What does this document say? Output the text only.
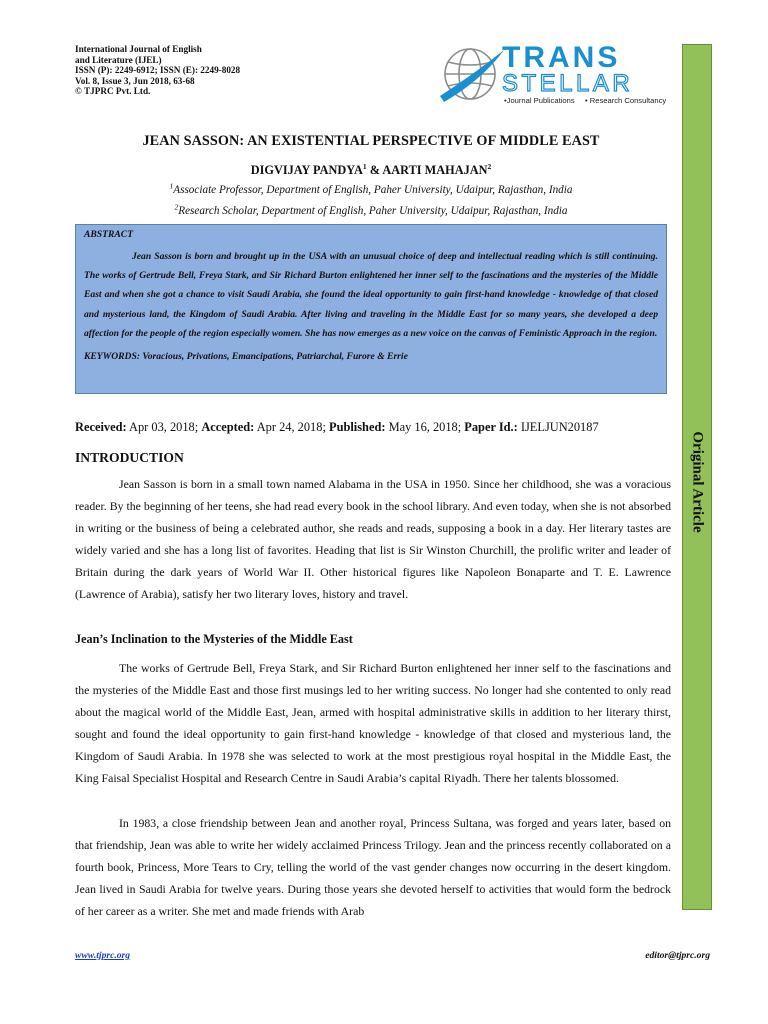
International Journal of English
and Literature (IJEL)
ISSN (P): 2249-6912; ISSN (E): 2249-8028
Vol. 8, Issue 3, Jun 2018, 63-68
© TJPRC Pvt. Ltd.
TRANS
STELLAR
•Journal Publications • Research Consultancy
Original Article
JEAN SASSON: AN EXISTENTIAL PERSPECTIVE OF MIDDLE EAST
DIGVIJAY PANDYA$^1$ & AARTI MAHAJAN$^2$
$^1$Associate Professor, Department of English, Paher University, Udaipur, Rajasthan, India
$^2$Research Scholar, Department of English, Paher University, Udaipur, Rajasthan, India
ABSTRACT
Jean Sasson is born and brought up in the USA with an unusual choice of deep and intellectual reading which is still continuing. The works of Gertrude Bell, Freya Stark, and Sir Richard Burton enlightened her inner self to the fascinations and the mysteries of the Middle East and when she got a chance to visit Saudi Arabia, she found the ideal opportunity to gain first-hand knowledge - knowledge of that closed and mysterious land, the Kingdom of Saudi Arabia. After living and traveling in the Middle East for so many years, she developed a deep affection for the people of the region especially women. She has now emerges as a new voice on the canvas of Feministic Approach in the region.
KEYWORDS: Voracious, Privations, Emancipations, Patriarchal, Furore & Errie
Received: Apr 03, 2018; Accepted: Apr 24, 2018; Published: May 16, 2018; Paper Id.: IJELJUN20187
INTRODUCTION
Jean Sasson is born in a small town named Alabama in the USA in 1950. Since her childhood, she was a voracious reader. By the beginning of her teens, she had read every book in the school library. And even today, when she is not absorbed in writing or the business of being a celebrated author, she reads and reads, supposing a book in a day. Her literary tastes are widely varied and she has a long list of favorites. Heading that list is Sir Winston Churchill, the prolific writer and leader of Britain during the dark years of World War II. Other historical figures like Napoleon Bonaparte and T. E. Lawrence (Lawrence of Arabia), satisfy her two literary loves, history and travel.
Jean’s Inclination to the Mysteries of the Middle East
The works of Gertrude Bell, Freya Stark, and Sir Richard Burton enlightened her inner self to the fascinations and the mysteries of the Middle East and those first musings led to her writing success. No longer had she contented to only read about the magical world of the Middle East, Jean, armed with hospital administrative skills in addition to her literary thirst, sought and found the ideal opportunity to gain first-hand knowledge - knowledge of that closed and mysterious land, the Kingdom of Saudi Arabia. In 1978 she was selected to work at the most prestigious royal hospital in the Middle East, the King Faisal Specialist Hospital and Research Centre in Saudi Arabia’s capital Riyadh. There her talents blossomed.
In 1983, a close friendship between Jean and another royal, Princess Sultana, was forged and years later, based on that friendship, Jean was able to write her widely acclaimed Princess Trilogy. Jean and the princess recently collaborated on a fourth book, Princess, More Tears to Cry, telling the world of the vast gender changes now occurring in the desert kingdom. Jean lived in Saudi Arabia for twelve years. During those years she devoted herself to activities that would form the bedrock of her career as a writer. She met and made friends with Arab
www.tjprc.org	editor@tjprc.org
